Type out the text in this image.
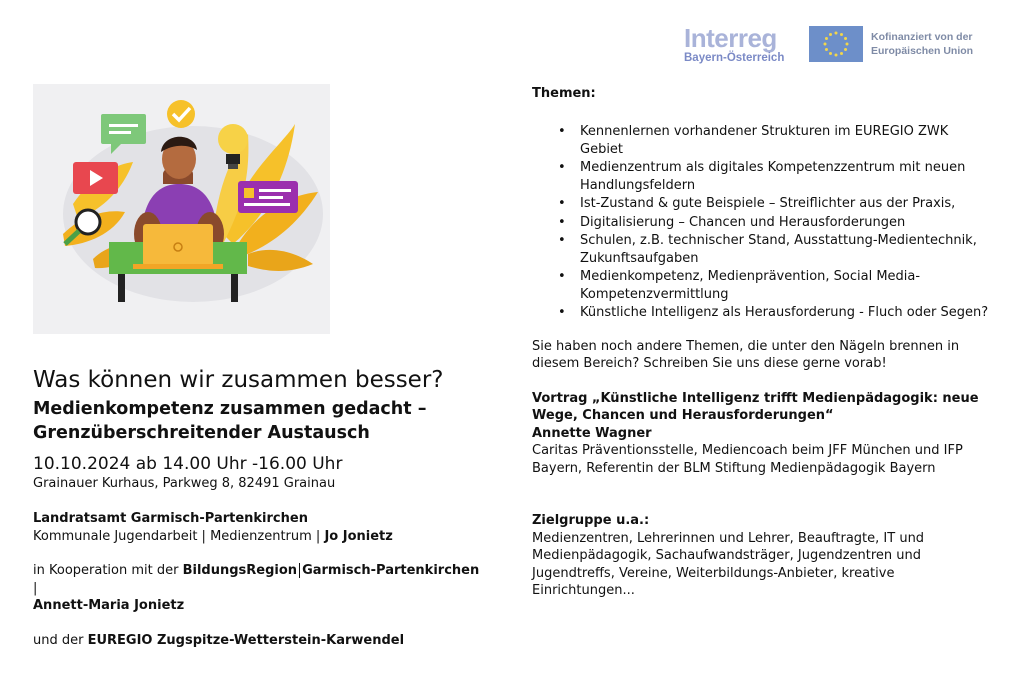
Interreg
Bayern-Österreich
Kofinanziert von der
Europäischen Union
Was können wir zusammen besser?
Medienkompetenz zusammen gedacht –
Grenzüberschreitender Austausch
10.10.2024 ab 14.00 Uhr -16.00 Uhr
Grainauer Kurhaus, Parkweg 8, 82491 Grainau
Landratsamt Garmisch-Partenkirchen
Kommunale Jugendarbeit | Medienzentrum | Jo Jonietz
in Kooperation mit der BildungsRegion Garmisch-Partenkirchen |
Annett-Maria Jonietz
und der EUREGIO Zugspitze-Wetterstein-Karwendel
Themen:
• Kennenlernen vorhandener Strukturen im EUREGIO ZWK Gebiet
• Medienzentrum als digitales Kompetenzzentrum mit neuen Handlungsfeldern
• Ist-Zustand & gute Beispiele – Streiflichter aus der Praxis,
• Digitalisierung – Chancen und Herausforderungen
• Schulen, z.B. technischer Stand, Ausstattung-Medientechnik, Zukunftsaufgaben
• Medienkompetenz, Medienprävention, Social Media-Kompetenzvermittlung
• Künstliche Intelligenz als Herausforderung - Fluch oder Segen?

Sie haben noch andere Themen, die unter den Nägeln brennen in diesem Bereich? Schreiben Sie uns diese gerne vorab!

Vortrag „Künstliche Intelligenz trifft Medienpädagogik: neue Wege, Chancen und Herausforderungen“
Annette Wagner
Caritas Präventionsstelle, Mediencoach beim JFF München und IFP Bayern, Referentin der BLM Stiftung Medienpädagogik Bayern

Zielgruppe u.a.:
Medienzentren, Lehrerinnen und Lehrer, Beauftragte, IT und Medienpädagogik, Sachaufwandsträger, Jugendzentren und Jugendtreffs, Vereine, Weiterbildungs-Anbieter, kreative Einrichtungen...
